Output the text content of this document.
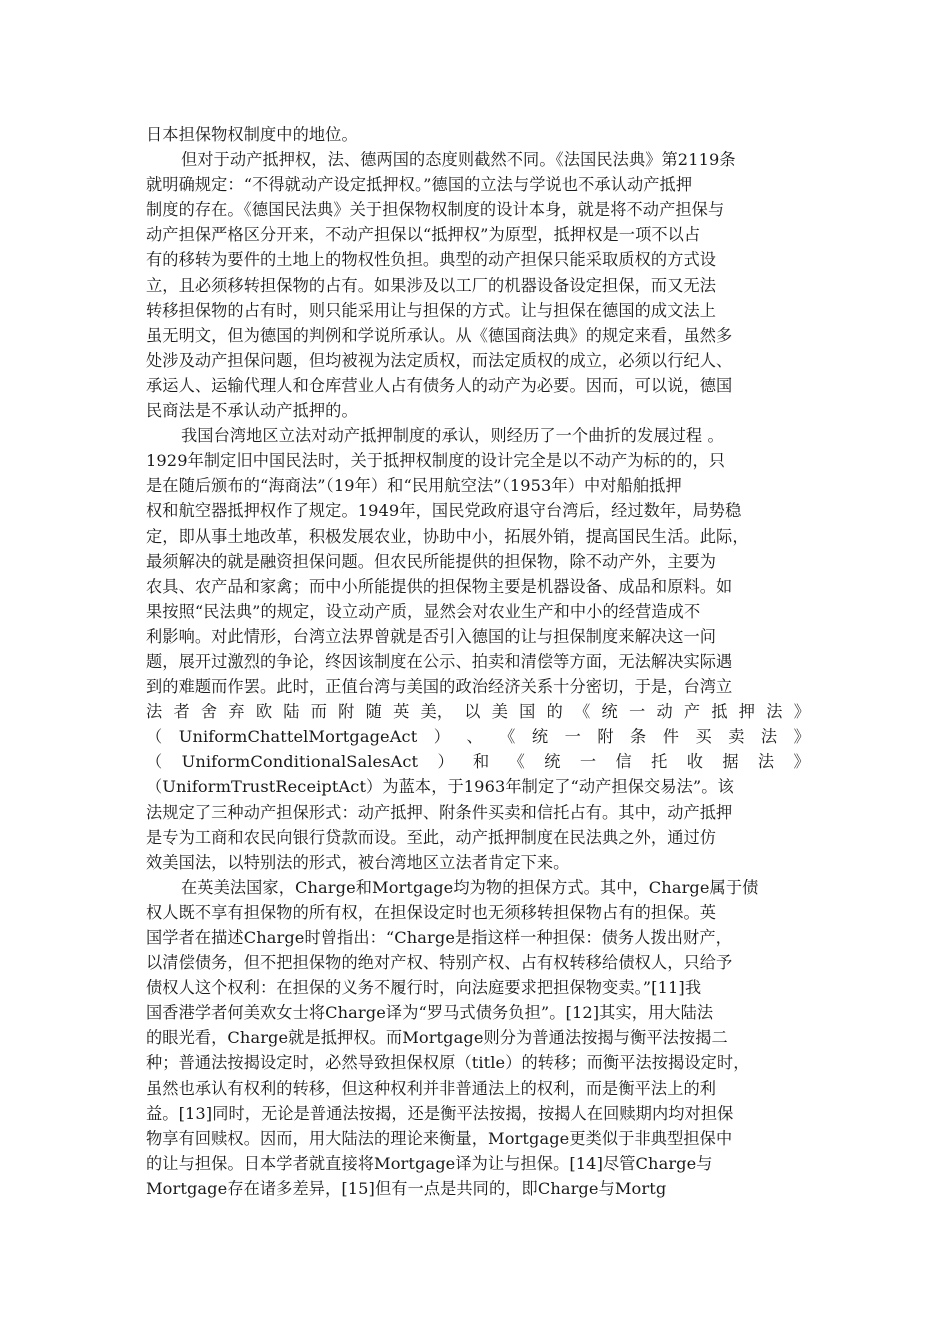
日本担保物权制度中的地位。
但对于动产抵押权，法、德两国的态度则截然不同。《法国民法典》第2119条
就明确规定：“不得就动产设定抵押权。”德国的立法与学说也不承认动产抵押
制度的存在。《德国民法典》关于担保物权制度的设计本身，就是将不动产担保与
动产担保严格区分开来，不动产担保以“抵押权”为原型，抵押权是一项不以占
有的移转为要件的土地上的物权性负担。典型的动产担保只能采取质权的方式设
立，且必须移转担保物的占有。如果涉及以工厂的机器设备设定担保，而又无法
转移担保物的占有时，则只能采用让与担保的方式。让与担保在德国的成文法上
虽无明文，但为德国的判例和学说所承认。从《德国商法典》的规定来看，虽然多
处涉及动产担保问题，但均被视为法定质权，而法定质权的成立，必须以行纪人、
承运人、运输代理人和仓库营业人占有债务人的动产为必要。因而，可以说，德国
民商法是不承认动产抵押的。
我国台湾地区立法对动产抵押制度的承认，则经历了一个曲折的发展过程 。
1929年制定旧中国民法时，关于抵押权制度的设计完全是以不动产为标的的，只
是在随后颁布的“海商法”（19年）和“民用航空法”（1953年）中对船舶抵押
权和航空器抵押权作了规定。1949年，国民党政府退守台湾后，经过数年，局势稳
定，即从事土地改革，积极发展农业，协助中小，拓展外销，提高国民生活。此际，
最须解决的就是融资担保问题。但农民所能提供的担保物，除不动产外，主要为
农具、农产品和家禽；而中小所能提供的担保物主要是机器设备、成品和原料。如
果按照“民法典”的规定，设立动产质，显然会对农业生产和中小的经营造成不
利影响。对此情形，台湾立法界曾就是否引入德国的让与担保制度来解决这一问
题，展开过激烈的争论，终因该制度在公示、拍卖和清偿等方面，无法解决实际遇
到的难题而作罢。此时，正值台湾与美国的政治经济关系十分密切，于是，台湾立
法 者 舍 弃 欧 陆 而 附 随 英 美， 以 美 国 的 《 统 一 动 产 抵 押 法 》
（ UniformChattelMortgageAct ） 、 《 统 一 附 条 件 买 卖 法 》
（ UniformConditionalSalesAct ） 和 《 统 一 信 托 收 据 法 》
（UniformTrustReceiptAct）为蓝本，于1963年制定了“动产担保交易法”。该
法规定了三种动产担保形式：动产抵押、附条件买卖和信托占有。其中，动产抵押
是专为工商和农民向银行贷款而设。至此，动产抵押制度在民法典之外，通过仿
效美国法，以特别法的形式，被台湾地区立法者肯定下来。
在英美法国家，Charge和Mortgage均为物的担保方式。其中，Charge属于债
权人既不享有担保物的所有权，在担保设定时也无须移转担保物占有的担保。英
国学者在描述Charge时曾指出：“Charge是指这样一种担保：债务人拨出财产，
以清偿债务，但不把担保物的绝对产权、特别产权、占有权转移给债权人，只给予
债权人这个权利：在担保的义务不履行时，向法庭要求把担保物变卖。”[11]我
国香港学者何美欢女士将Charge译为“罗马式债务负担”。[12]其实，用大陆法
的眼光看，Charge就是抵押权。而Mortgage则分为普通法按揭与衡平法按揭二
种；普通法按揭设定时，必然导致担保权原（title）的转移；而衡平法按揭设定时，
虽然也承认有权利的转移，但这种权利并非普通法上的权利，而是衡平法上的利
益。[13]同时，无论是普通法按揭，还是衡平法按揭，按揭人在回赎期内均对担保
物享有回赎权。因而，用大陆法的理论来衡量，Mortgage更类似于非典型担保中
的让与担保。日本学者就直接将Mortgage译为让与担保。[14]尽管Charge与
Mortgage存在诸多差异，[15]但有一点是共同的，即Charge与Mortg
